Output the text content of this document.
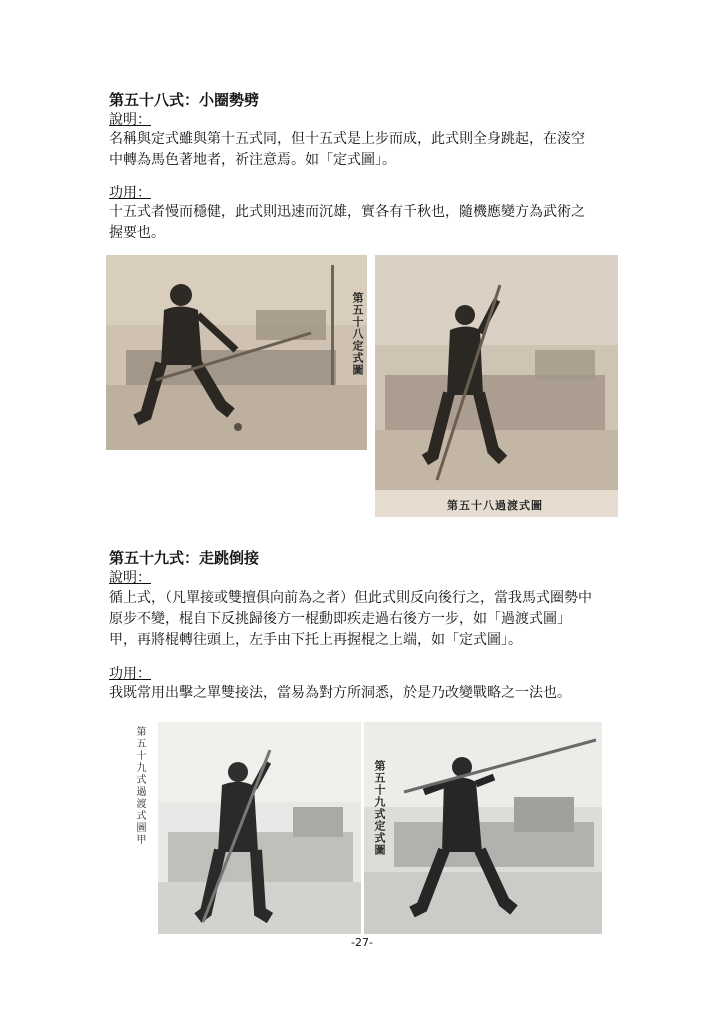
第五十八式：小圈勢劈
說明：
名稱與定式雖與第十五式同，但十五式是上步而成，此式則全身跳起，在淩空
中轉為馬色著地者，祈注意焉。如「定式圖」。
功用：
十五式者慢而穩健，此式則迅速而沉雄，實各有千秋也，隨機應變方為武術之
握要也。
第五十八定式圖
第五十八過渡式圖
第五十九式：走跳倒接
說明：
循上式，（凡單接或雙擅俱向前為之者）但此式則反向後行之，當我馬式圈勢中
原步不變，棍自下反挑歸後方一棍動即疾走過右後方一步，如「過渡式圖」
甲，再將棍轉往頭上，左手由下托上再握棍之上端，如「定式圖」。
功用：
我既常用出擊之單雙接法，當易為對方所洞悉，於是乃改變戰略之一法也。
第五十九式過渡式圖甲	第五十九式定式圖
-27-
